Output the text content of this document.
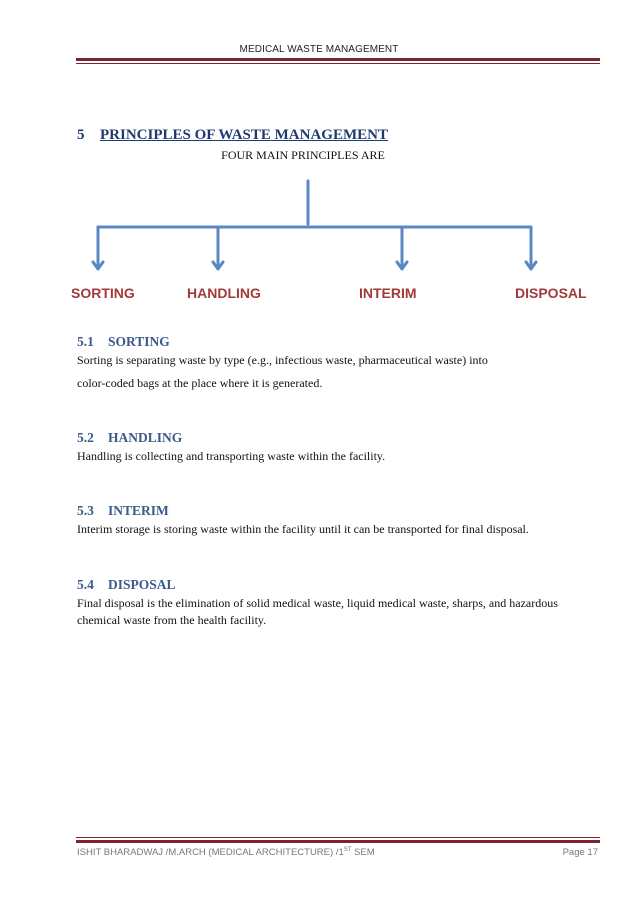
MEDICAL WASTE MANAGEMENT
5 PRINCIPLES OF WASTE MANAGEMENT
FOUR MAIN PRINCIPLES ARE
SORTING	HANDLING	INTERIM	DISPOSAL
5.1 SORTING
Sorting is separating waste by type (e.g., infectious waste, pharmaceutical waste) into
color-coded bags at the place where it is generated.
5.2 HANDLING
Handling is collecting and transporting waste within the facility.
5.3 INTERIM
Interim storage is storing waste within the facility until it can be transported for final disposal.
5.4 DISPOSAL
Final disposal is the elimination of solid medical waste, liquid medical waste, sharps, and hazardous
chemical waste from the health facility.
ISHIT BHARADWAJ /M.ARCH (MEDICAL ARCHITECTURE) /1ST SEM	Page 17
